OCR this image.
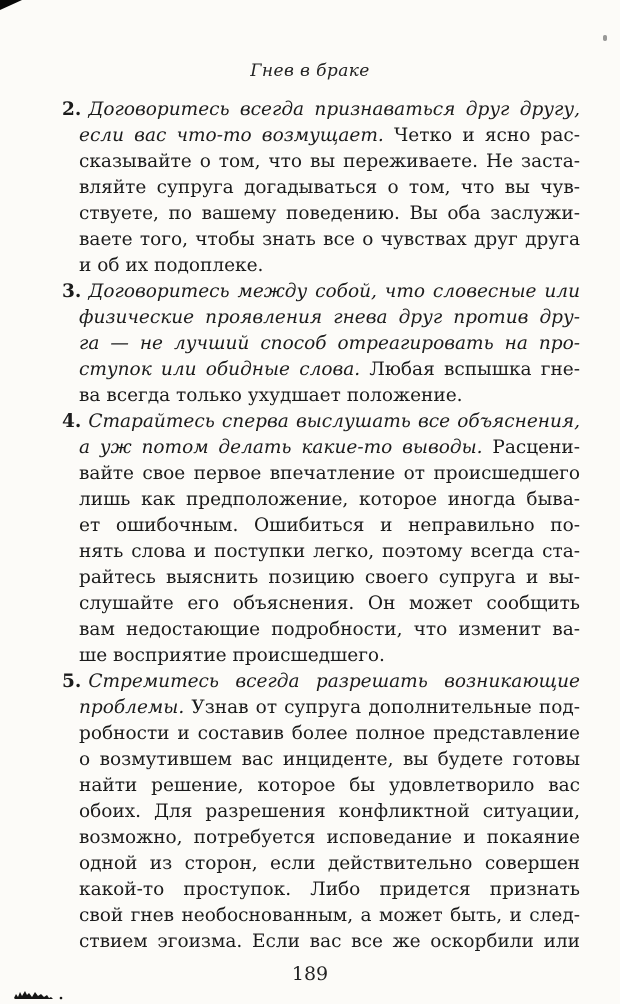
Гнев в браке
2. Договоритесь всегда признаваться друг другу,
если вас что-то возмущает. Четко и ясно рас-
сказывайте о том, что вы переживаете. Не заста-
вляйте супруга догадываться о том, что вы чув-
ствуете, по вашему поведению. Вы оба заслужи-
ваете того, чтобы знать все о чувствах друг друга
и об их подоплеке.
3. Договоритесь между собой, что словесные или
физические проявления гнева друг против дру-
га — не лучший способ отреагировать на про-
ступок или обидные слова. Любая вспышка гне-
ва всегда только ухудшает положение.
4. Старайтесь сперва выслушать все объяснения,
а уж потом делать какие-то выводы. Расцени-
вайте свое первое впечатление от происшедшего
лишь как предположение, которое иногда быва-
ет ошибочным. Ошибиться и неправильно по-
нять слова и поступки легко, поэтому всегда ста-
райтесь выяснить позицию своего супруга и вы-
слушайте его объяснения. Он может сообщить
вам недостающие подробности, что изменит ва-
ше восприятие происшедшего.
5. Стремитесь всегда разрешать возникающие
проблемы. Узнав от супруга дополнительные под-
робности и составив более полное представление
о возмутившем вас инциденте, вы будете готовы
найти решение, которое бы удовлетворило вас
обоих. Для разрешения конфликтной ситуации,
возможно, потребуется исповедание и покаяние
одной из сторон, если действительно совершен
какой-то проступок. Либо придется признать
свой гнев необоснованным, а может быть, и след-
ствием эгоизма. Если вас все же оскорбили или
189
